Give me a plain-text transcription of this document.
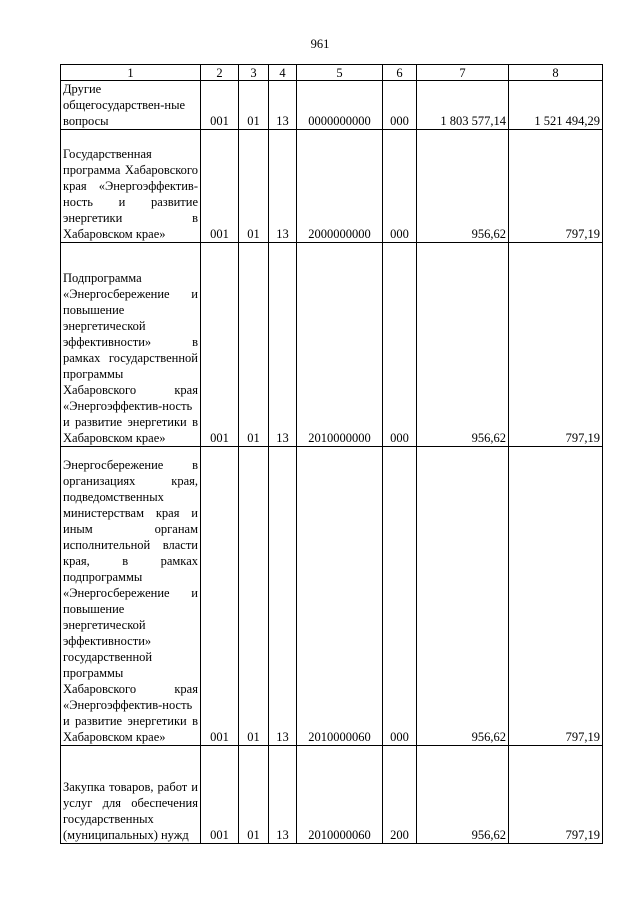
961
1	2	3	4	5	6	7	8
Другие общегосударствен-ные вопросы	001	01	13	0000000000	000	1 803 577,14	1 521 494,29
Государственная программа Хабаровского края «Энергоэффектив-ность и развитие энергетики в Хабаровском крае»	001	01	13	2000000000	000	956,62	797,19
Подпрограмма «Энергосбережение и повышение энергетической эффективности» в рамках государственной программы Хабаровского края «Энергоэффектив-ность и развитие энергетики в Хабаровском крае»	001	01	13	2010000000	000	956,62	797,19
Энергосбережение в организациях края, подведомственных министерствам края и иным органам исполнительной власти края, в рамках подпрограммы «Энергосбережение и повышение энергетической эффективности» государственной программы Хабаровского края «Энергоэффектив-ность и развитие энергетики в Хабаровском крае»	001	01	13	2010000060	000	956,62	797,19
Закупка товаров, работ и услуг для обеспечения государственных (муниципальных) нужд	001	01	13	2010000060	200	956,62	797,19
